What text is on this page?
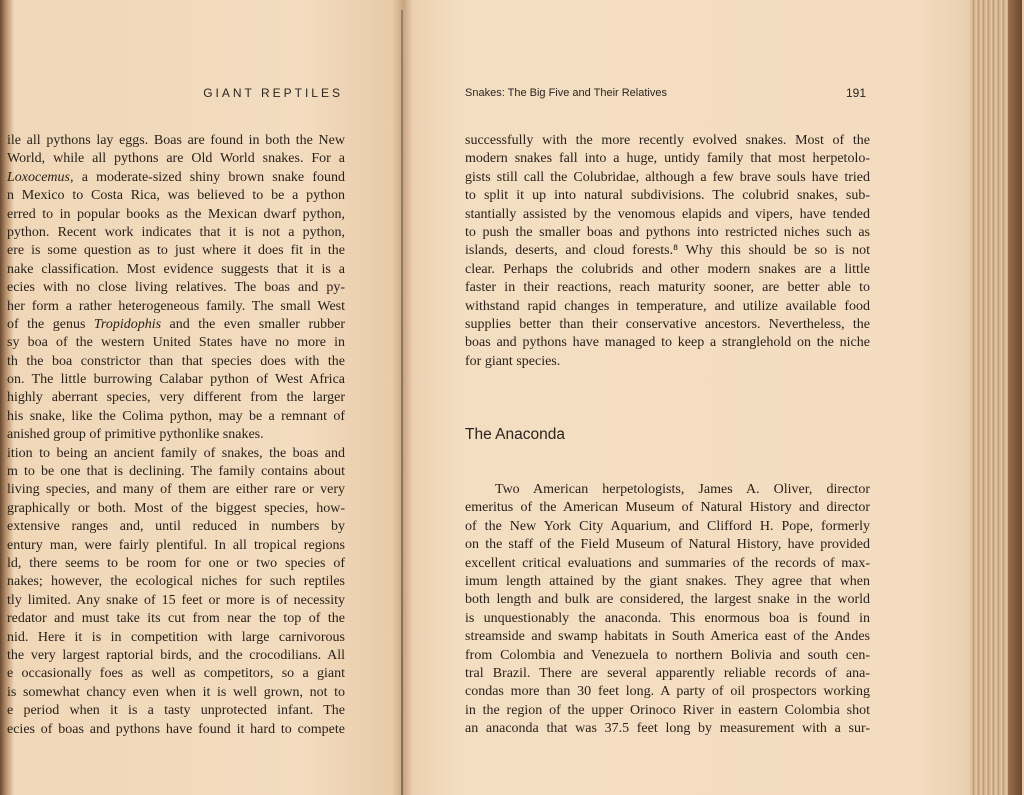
GIANT REPTILES	Snakes: The Big Five and Their Relatives	191
ile all pythons lay eggs. Boas are found in both the New
World, while all pythons are Old World snakes. For a
Loxocemus, a moderate-sized shiny brown snake found
n Mexico to Costa Rica, was believed to be a python
erred to in popular books as the Mexican dwarf python,
python. Recent work indicates that it is not a python,
ere is some question as to just where it does fit in the
nake classification. Most evidence suggests that it is a
ecies with no close living relatives. The boas and py-
her form a rather heterogeneous family. The small West
of the genus Tropidophis and the even smaller rubber
sy boa of the western United States have no more in
th the boa constrictor than that species does with the
on. The little burrowing Calabar python of West Africa
highly aberrant species, very different from the larger
his snake, like the Colima python, may be a remnant of
anished group of primitive pythonlike snakes.
ition to being an ancient family of snakes, the boas and
m to be one that is declining. The family contains about
living species, and many of them are either rare or very
graphically or both. Most of the biggest species, how-
extensive ranges and, until reduced in numbers by
entury man, were fairly plentiful. In all tropical regions
ld, there seems to be room for one or two species of
nakes; however, the ecological niches for such reptiles
tly limited. Any snake of 15 feet or more is of necessity
redator and must take its cut from near the top of the
nid. Here it is in competition with large carnivorous
the very largest raptorial birds, and the crocodilians. All
e occasionally foes as well as competitors, so a giant
is somewhat chancy even when it is well grown, not to
e period when it is a tasty unprotected infant. The
ecies of boas and pythons have found it hard to compete
successfully with the more recently evolved snakes. Most of the
modern snakes fall into a huge, untidy family that most herpetolo-
gists still call the Colubridae, although a few brave souls have tried
to split it up into natural subdivisions. The colubrid snakes, sub-
stantially assisted by the venomous elapids and vipers, have tended
to push the smaller boas and pythons into restricted niches such as
islands, deserts, and cloud forests.⁸ Why this should be so is not
clear. Perhaps the colubrids and other modern snakes are a little
faster in their reactions, reach maturity sooner, are better able to
withstand rapid changes in temperature, and utilize available food
supplies better than their conservative ancestors. Nevertheless, the
boas and pythons have managed to keep a stranglehold on the niche
for giant species.
The Anaconda
Two American herpetologists, James A. Oliver, director
emeritus of the American Museum of Natural History and director
of the New York City Aquarium, and Clifford H. Pope, formerly
on the staff of the Field Museum of Natural History, have provided
excellent critical evaluations and summaries of the records of max-
imum length attained by the giant snakes. They agree that when
both length and bulk are considered, the largest snake in the world
is unquestionably the anaconda. This enormous boa is found in
streamside and swamp habitats in South America east of the Andes
from Colombia and Venezuela to northern Bolivia and south cen-
tral Brazil. There are several apparently reliable records of ana-
condas more than 30 feet long. A party of oil prospectors working
in the region of the upper Orinoco River in eastern Colombia shot
an anaconda that was 37.5 feet long by measurement with a sur-
